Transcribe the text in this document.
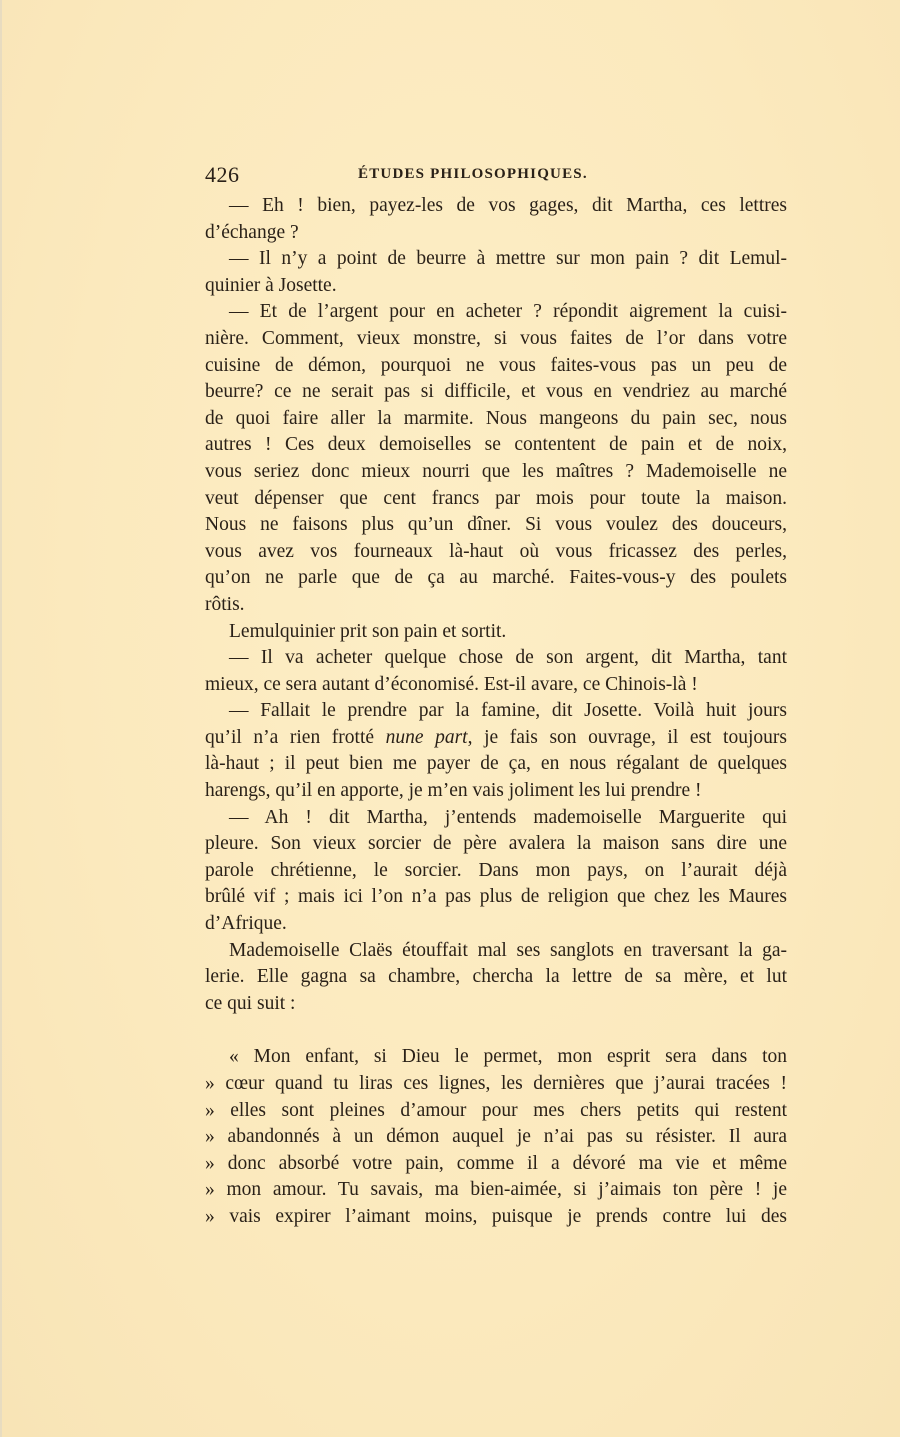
426	ÉTUDES PHILOSOPHIQUES.
— Eh ! bien, payez-les de vos gages, dit Martha, ces lettres
d’échange ?
— Il n’y a point de beurre à mettre sur mon pain ? dit Lemul-
quinier à Josette.
— Et de l’argent pour en acheter ? répondit aigrement la cuisi-
nière. Comment, vieux monstre, si vous faites de l’or dans votre
cuisine de démon, pourquoi ne vous faites-vous pas un peu de
beurre? ce ne serait pas si difficile, et vous en vendriez au marché
de quoi faire aller la marmite. Nous mangeons du pain sec, nous
autres ! Ces deux demoiselles se contentent de pain et de noix,
vous seriez donc mieux nourri que les maîtres ? Mademoiselle ne
veut dépenser que cent francs par mois pour toute la maison.
Nous ne faisons plus qu’un dîner. Si vous voulez des douceurs,
vous avez vos fourneaux là-haut où vous fricassez des perles,
qu’on ne parle que de ça au marché. Faites-vous-y des poulets
rôtis.
Lemulquinier prit son pain et sortit.
— Il va acheter quelque chose de son argent, dit Martha, tant
mieux, ce sera autant d’économisé. Est-il avare, ce Chinois-là !
— Fallait le prendre par la famine, dit Josette. Voilà huit jours
qu’il n’a rien frotté nune part, je fais son ouvrage, il est toujours
là-haut ; il peut bien me payer de ça, en nous régalant de quelques
harengs, qu’il en apporte, je m’en vais joliment les lui prendre !
— Ah ! dit Martha, j’entends mademoiselle Marguerite qui
pleure. Son vieux sorcier de père avalera la maison sans dire une
parole chrétienne, le sorcier. Dans mon pays, on l’aurait déjà
brûlé vif ; mais ici l’on n’a pas plus de religion que chez les Maures
d’Afrique.
Mademoiselle Claës étouffait mal ses sanglots en traversant la ga-
lerie. Elle gagna sa chambre, chercha la lettre de sa mère, et lut
ce qui suit :
« Mon enfant, si Dieu le permet, mon esprit sera dans ton
» cœur quand tu liras ces lignes, les dernières que j’aurai tracées !
» elles sont pleines d’amour pour mes chers petits qui restent
» abandonnés à un démon auquel je n’ai pas su résister. Il aura
» donc absorbé votre pain, comme il a dévoré ma vie et même
» mon amour. Tu savais, ma bien-aimée, si j’aimais ton père ! je
» vais expirer l’aimant moins, puisque je prends contre lui des
